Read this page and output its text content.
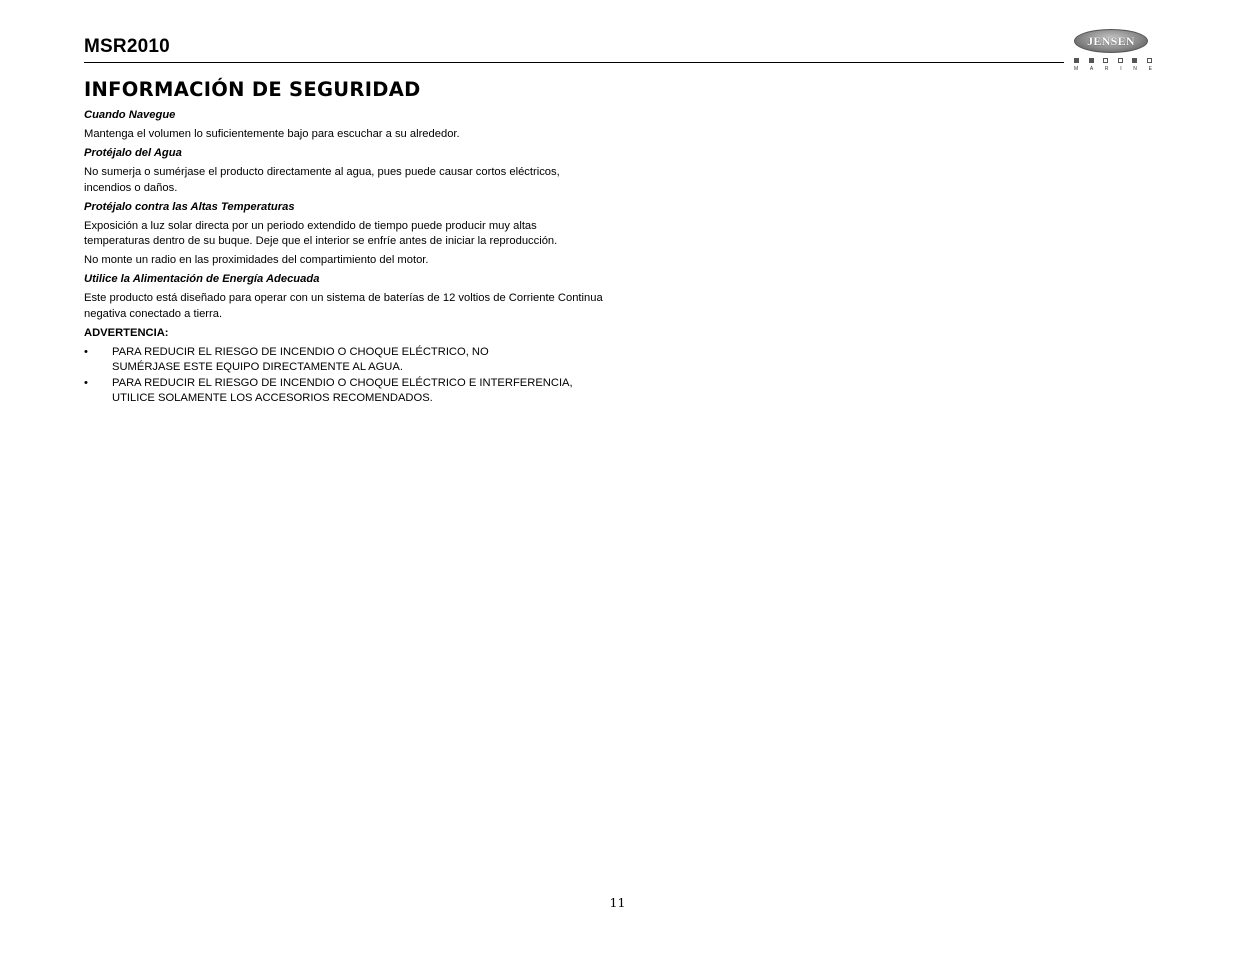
MSR2010	JENSEN
M A R I N E
INFORMACIÓN DE SEGURIDAD

Cuando Navegue

Mantenga el volumen lo suficientemente bajo para escuchar a su alrededor.

Protéjalo del Agua

No sumerja o sumérjase el producto directamente al agua, pues puede causar cortos eléctricos, incendios o daños.

Protéjalo contra las Altas Temperaturas

Exposición a luz solar directa por un periodo extendido de tiempo puede producir muy altas temperaturas dentro de su buque. Deje que el interior se enfríe antes de iniciar la reproducción.

No monte un radio en las proximidades del compartimiento del motor.

Utilice la Alimentación de Energía Adecuada

Este producto está diseñado para operar con un sistema de baterías de 12 voltios de Corriente Continua negativa conectado a tierra.

ADVERTENCIA:

• PARA REDUCIR EL RIESGO DE INCENDIO O CHOQUE ELÉCTRICO, NO SUMÉRJASE ESTE EQUIPO DIRECTAMENTE AL AGUA.
• PARA REDUCIR EL RIESGO DE INCENDIO O CHOQUE ELÉCTRICO E INTERFERENCIA, UTILICE SOLAMENTE LOS ACCESORIOS RECOMENDADOS.
11
